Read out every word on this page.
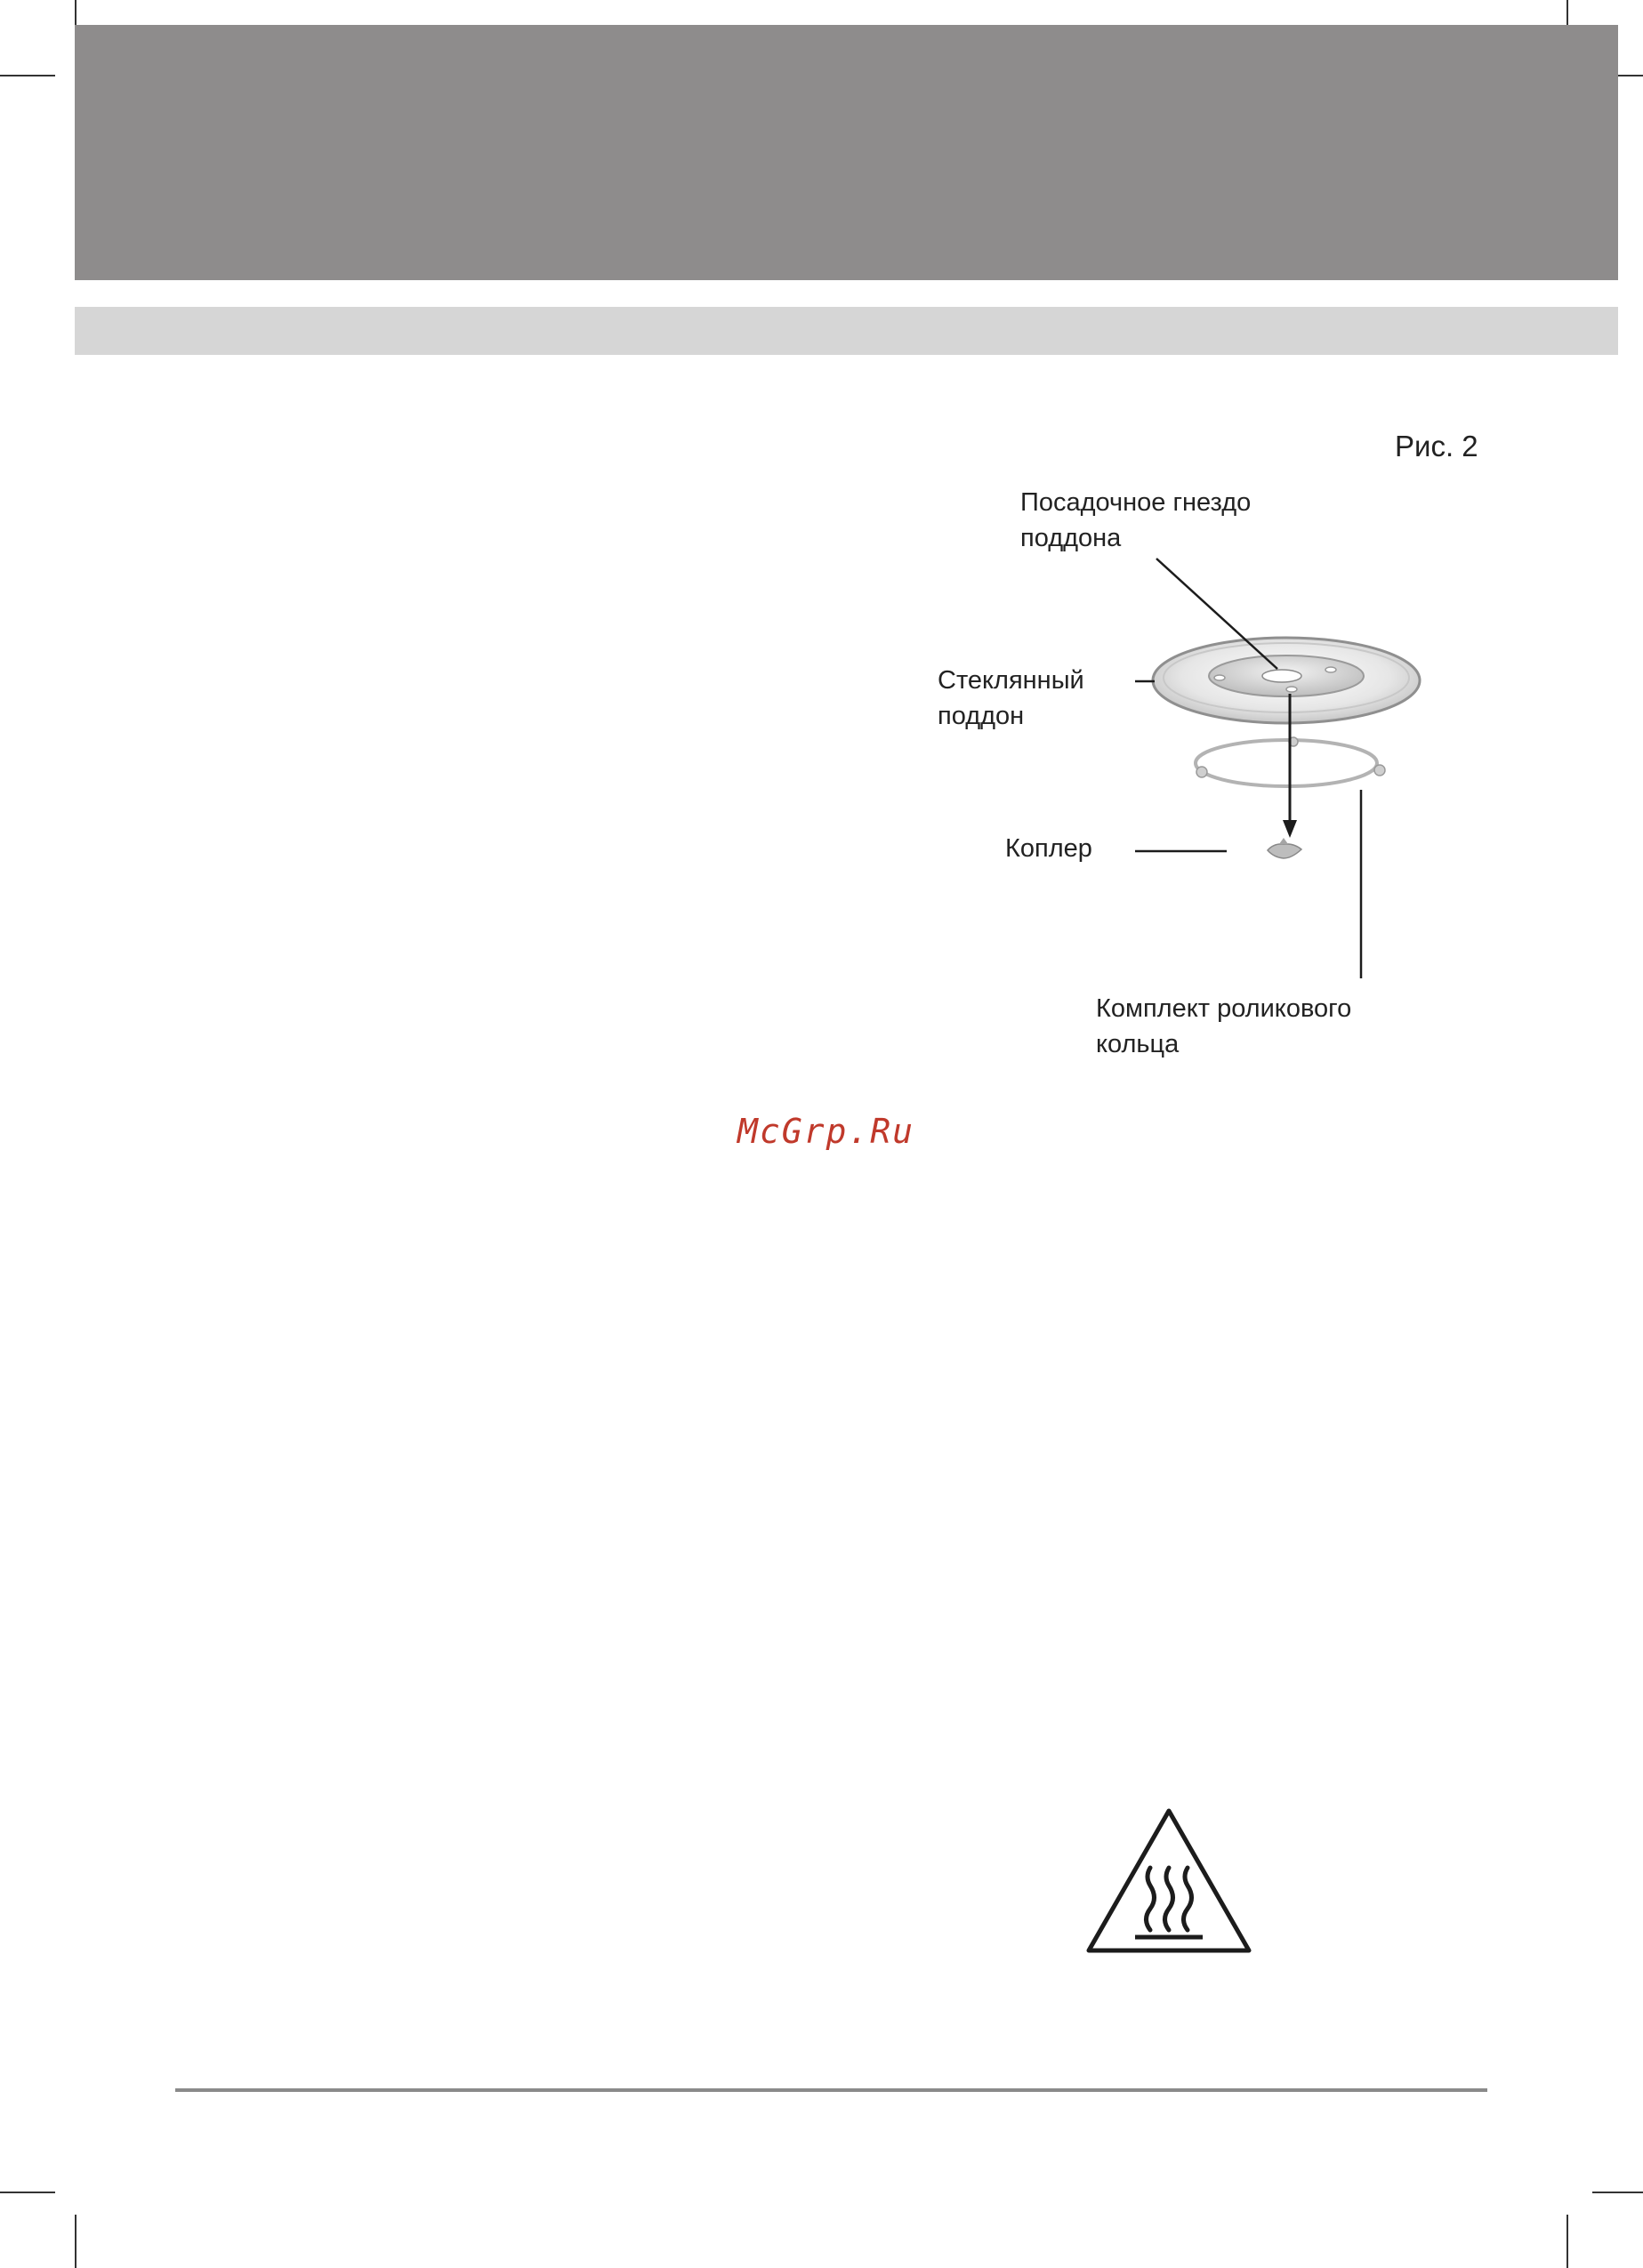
Рис. 2
Посадочное гнездо
поддона
Стеклянный
поддон
Коплер
Комплект роликового
кольца
McGrp.Ru
